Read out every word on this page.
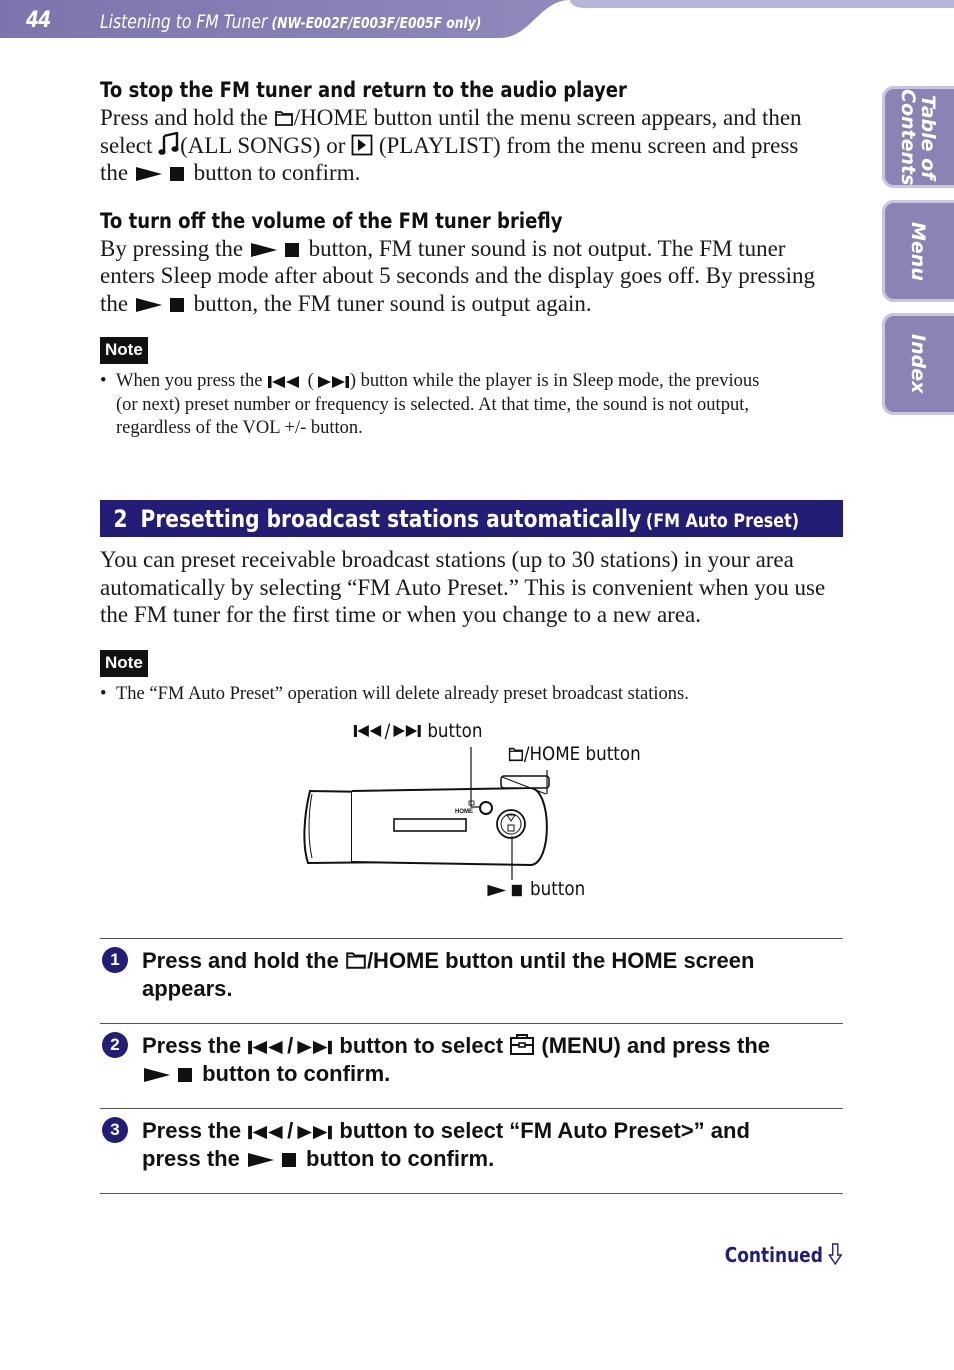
44	Listening to FM Tuner (NW-E002F/E003F/E005F only)
Table of
Contents
Menu
Index
To stop the FM tuner and return to the audio player

Press and hold the /HOME button until the menu screen appears, and then
select (ALL SONGS) or  (PLAYLIST) from the menu screen and press
the  button to confirm.

To turn off the volume of the FM tuner briefly

By pressing the  button, FM tuner sound is not output. The FM tuner
enters Sleep mode after about 5 seconds and the display goes off. By pressing
the  button, the FM tuner sound is output again.

Note

• When you press the  ( ) button while the player is in Sleep mode, the previous
(or next) preset number or frequency is selected. At that time, the sound is not output,
regardless of the VOL +/- button.

2 Presetting broadcast stations automatically (FM Auto Preset)

You can preset receivable broadcast stations (up to 30 stations) in your area
automatically by selecting “FM Auto Preset.” This is convenient when you use
the FM tuner for the first time or when you change to a new area.

Note

• The “FM Auto Preset” operation will delete already preset broadcast stations.

HOME
/ button
/HOME button
button
1	Press and hold the /HOME button until the HOME screen
appears.
2	Press the / button to select  (MENU) and press the
button to confirm.
3	Press the / button to select “FM Auto Preset>” and
press the  button to confirm.
Continued
